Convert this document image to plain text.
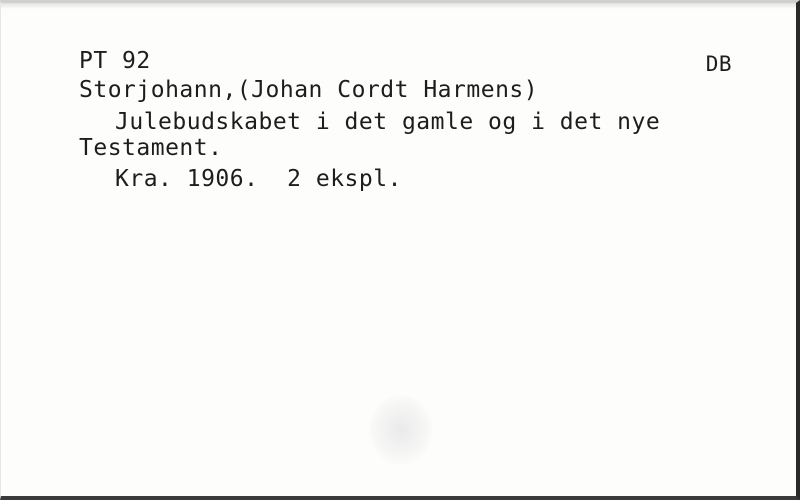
PT 92	DB
Storjohann,(Johan Cordt Harmens)
Julebudskabet i det gamle og i det nye
Testament.
Kra. 1906.  2 ekspl.
